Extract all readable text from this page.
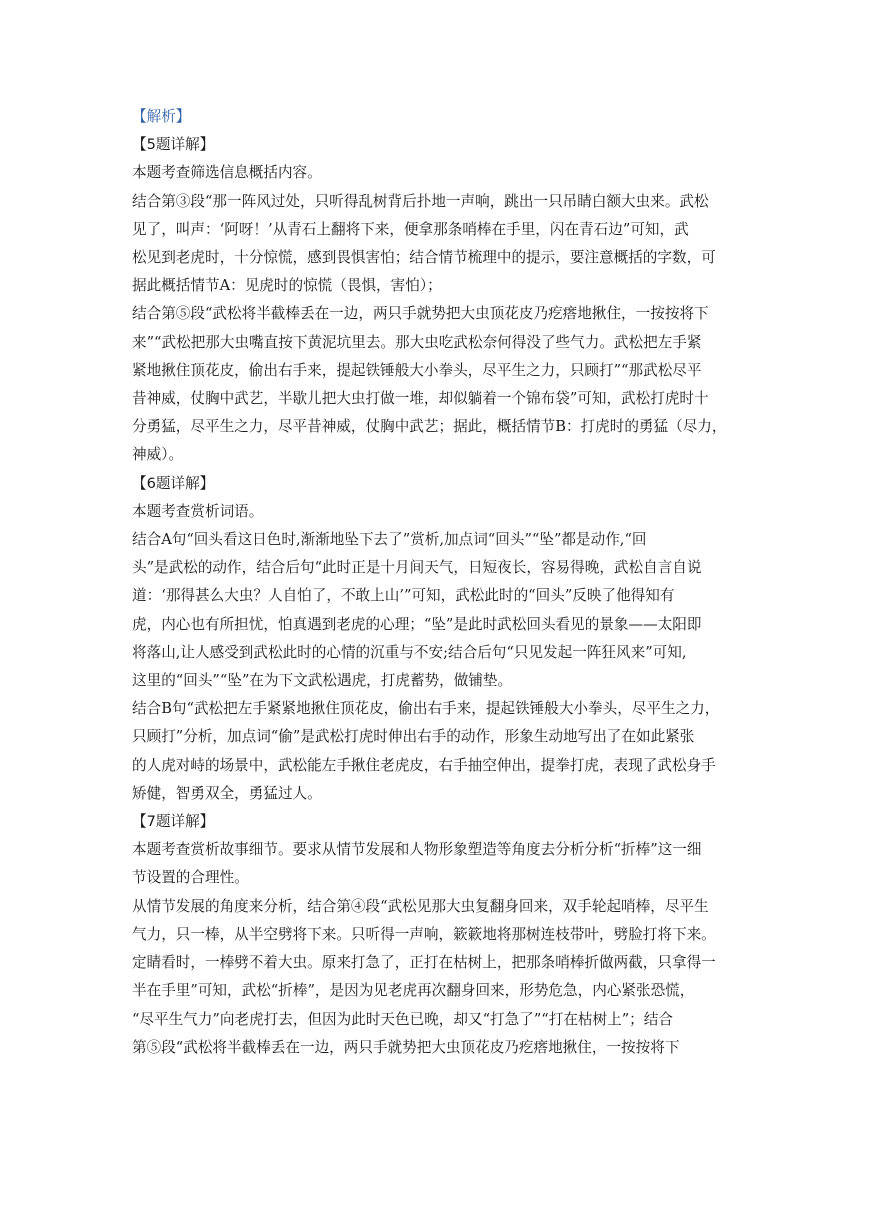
【解析】
【5题详解】
本题考查筛选信息概括内容。
结合第③段“那一阵风过处，只听得乱树背后扑地一声响，跳出一只吊睛白额大虫来。武松
见了，叫声：‘阿呀！’从青石上翻将下来，便拿那条哨棒在手里，闪在青石边”可知，武
松见到老虎时，十分惊慌，感到畏惧害怕；结合情节梳理中的提示，要注意概括的字数，可
据此概括情节A：见虎时的惊慌（畏惧，害怕）；
结合第⑤段“武松将半截棒丢在一边，两只手就势把大虫顶花皮乃疙瘩地揪住，一按按将下
来”“武松把那大虫嘴直按下黄泥坑里去。那大虫吃武松奈何得没了些气力。武松把左手紧
紧地揪住顶花皮，偷出右手来，提起铁锤般大小拳头，尽平生之力，只顾打”“那武松尽平
昔神威，仗胸中武艺，半歇儿把大虫打做一堆，却似躺着一个锦布袋”可知，武松打虎时十
分勇猛，尽平生之力，尽平昔神威，仗胸中武艺；据此，概括情节B：打虎时的勇猛（尽力，
神威）。
【6题详解】
本题考查赏析词语。
结合A句“回头看这日色时,渐渐地坠下去了”赏析,加点词“回头”“坠”都是动作,“回
头”是武松的动作，结合后句“此时正是十月间天气，日短夜长，容易得晚，武松自言自说
道：‘那得甚么大虫？人自怕了，不敢上山’”可知，武松此时的“回头”反映了他得知有
虎，内心也有所担忧，怕真遇到老虎的心理；“坠”是此时武松回头看见的景象——太阳即
将落山,让人感受到武松此时的心情的沉重与不安;结合后句“只见发起一阵狂风来”可知,
这里的“回头”“坠”在为下文武松遇虎，打虎蓄势，做铺垫。
结合B句“武松把左手紧紧地揪住顶花皮，偷出右手来，提起铁锤般大小拳头，尽平生之力，
只顾打”分析，加点词“偷”是武松打虎时伸出右手的动作，形象生动地写出了在如此紧张
的人虎对峙的场景中，武松能左手揪住老虎皮，右手抽空伸出，提拳打虎，表现了武松身手
矫健，智勇双全，勇猛过人。
【7题详解】
本题考查赏析故事细节。要求从情节发展和人物形象塑造等角度去分析分析“折棒”这一细
节设置的合理性。
从情节发展的角度来分析，结合第④段“武松见那大虫复翻身回来，双手轮起哨棒，尽平生
气力，只一棒，从半空劈将下来。只听得一声响，簌簌地将那树连枝带叶，劈脸打将下来。
定睛看时，一棒劈不着大虫。原来打急了，正打在枯树上，把那条哨棒折做两截，只拿得一
半在手里”可知，武松“折棒”，是因为见老虎再次翻身回来，形势危急，内心紧张恐慌，
“尽平生气力”向老虎打去，但因为此时天色已晚，却又“打急了”“打在枯树上”；结合
第⑤段“武松将半截棒丢在一边，两只手就势把大虫顶花皮乃疙瘩地揪住，一按按将下
